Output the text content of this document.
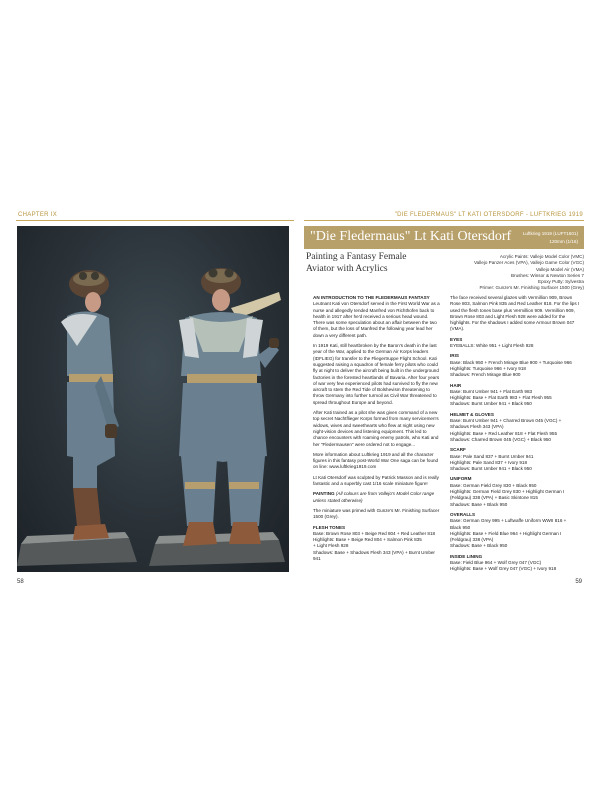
CHAPTER IX	"DIE FLEDERMAUS" LT KATI OTERSDORF - LUFTKRIEG 1919
58	59
"Die Fledermaus" Lt Kati Otersdorf	Luftkrieg 1919 (LUFT1601)
120mm (1/16)
Painting a Fantasy Female Aviator with Acrylics
Acrylic Paints: Vallejo Model Color (VMC)
Vallejo Panzer Aces (VPA), Vallejo Game Color (VGC)
Vallejo Model Air (VMA)
Brushes: Winsor & Newton Series 7
Epoxy Putty: Sylvestra
Primer: Gunze's Mr. Finishing Surfacer 1500 (Grey)

AN INTRODUCTION TO THE FLEDERMAUS FANTASY

Leutnant Kati von Otersdorf served in the First World War as a nurse and allegedly tended Manfred von Richthofen back to health in 1917 after he'd received a serious head wound. There was some speculation about an affair between the two of them, but the loss of Manfred the following year lead her down a very different path.

In 1919 Kati, still heartbroken by the Baron's death in the last year of the War, applied to the German Air Korps leaders (IDFLIEG) for transfer to the Fliegertruppe Flight School. Kati suggested raising a squadron of female ferry pilots who could fly at night to deliver the aircraft being built in the underground factories in the forested heartlands of Bavaria. After four years of war very few experienced pilots had survived to fly the new aircraft to stem the Red Tide of Bolshevism threatening to throw Germany into further turmoil as Civil War threatened to spread throughout Europe and beyond.

After Kati trained as a pilot she was given command of a new top secret Nachtflieger Korps formed from many servicemen's widows, wives and sweethearts who flew at night using new night-vision devices and listening equipment. This led to chance encounters with roaming enemy patrols, who Kati and her "Fledermausen" were ordered not to engage...

More information about Luftkrieg 1919 and all the character figures in this fantasy post-World War One saga can be found on line: www.luftkrieg1919.com

Lt Kati Otersdorf was sculpted by Patrick Masson and is really fantastic and a superbly cast 1/16 scale miniature figure!

PAINTING (All colours are from Vallejo's Model Color range unless stated otherwise)

The miniature was primed with Gunze's Mr. Finishing Surfacer 1500 (Grey).

FLESH TONES
Base: Brown Rose 803 + Beige Red 804 + Red Leather 818
Highlights: Base + Beige Red 804 + Salmon Pink 835
+ Light Flesh 928
Shadows: Base + Shadows Flesh 343 (VPA) + Burnt Umber 941

The face received several glazes with Vermillion 909, Brown Rose 803, Salmon Pink 835 and Red Leather 818. For the lips I used the flesh tones base plus Vermillion 909. Vermillion 909, Brown Rose 803 and Light Flesh 928 were added for the highlights. For the shadows I added some Armour Brown 047 (VMA).

EYES
EYEBALLS: White 951 + Light Flesh 928
IRIS
Base: Black 950 + French Mirage Blue 900 + Turquoise 966
Highlights: Turquoise 966 + Ivory 918
Shadows: French Mirage Blue 900
HAIR
Base: Burnt Umber 941 + Flat Earth 983
Highlights: Base + Flat Earth 983 + Flat Flesh 955
Shadows: Burnt Umber 941 + Black 950
HELMET & GLOVES
Base: Burnt Umber 941 + Charred Brown 045 (VGC) +
Shadows Flesh 343 (VPA)
Highlights: Base + Red Leather 818 + Flat Flesh 955
Shadows: Charred Brown 045 (VGC) + Black 950
SCARF
Base: Pale Sand 837 + Burnt Umber 941
Highlights: Pale Sand 837 + Ivory 918
Shadows: Burnt Umber 941 + Black 950
UNIFORM
Base: German Field Grey 830 + Black 950
Highlights: German Field Grey 830 + Highlight German I
(Feldgrau) 338 (VPA) + Basic Skintone 815
Shadows: Base + Black 950
OVERALLS
Base: German Grey 995 + Luftwaffe Uniform WWII 816 +
Black 950
Highlights: Base + Field Blue 964 + Highlight German I
(Feldgrau) 338 (VPA)
Shadows: Base + Black 950
INSIDE LINING
Base: Field Blue 964 + Wolf Grey 047 (VGC)
Highlights: Base + Wolf Grey 047 (VGC) + Ivory 918
